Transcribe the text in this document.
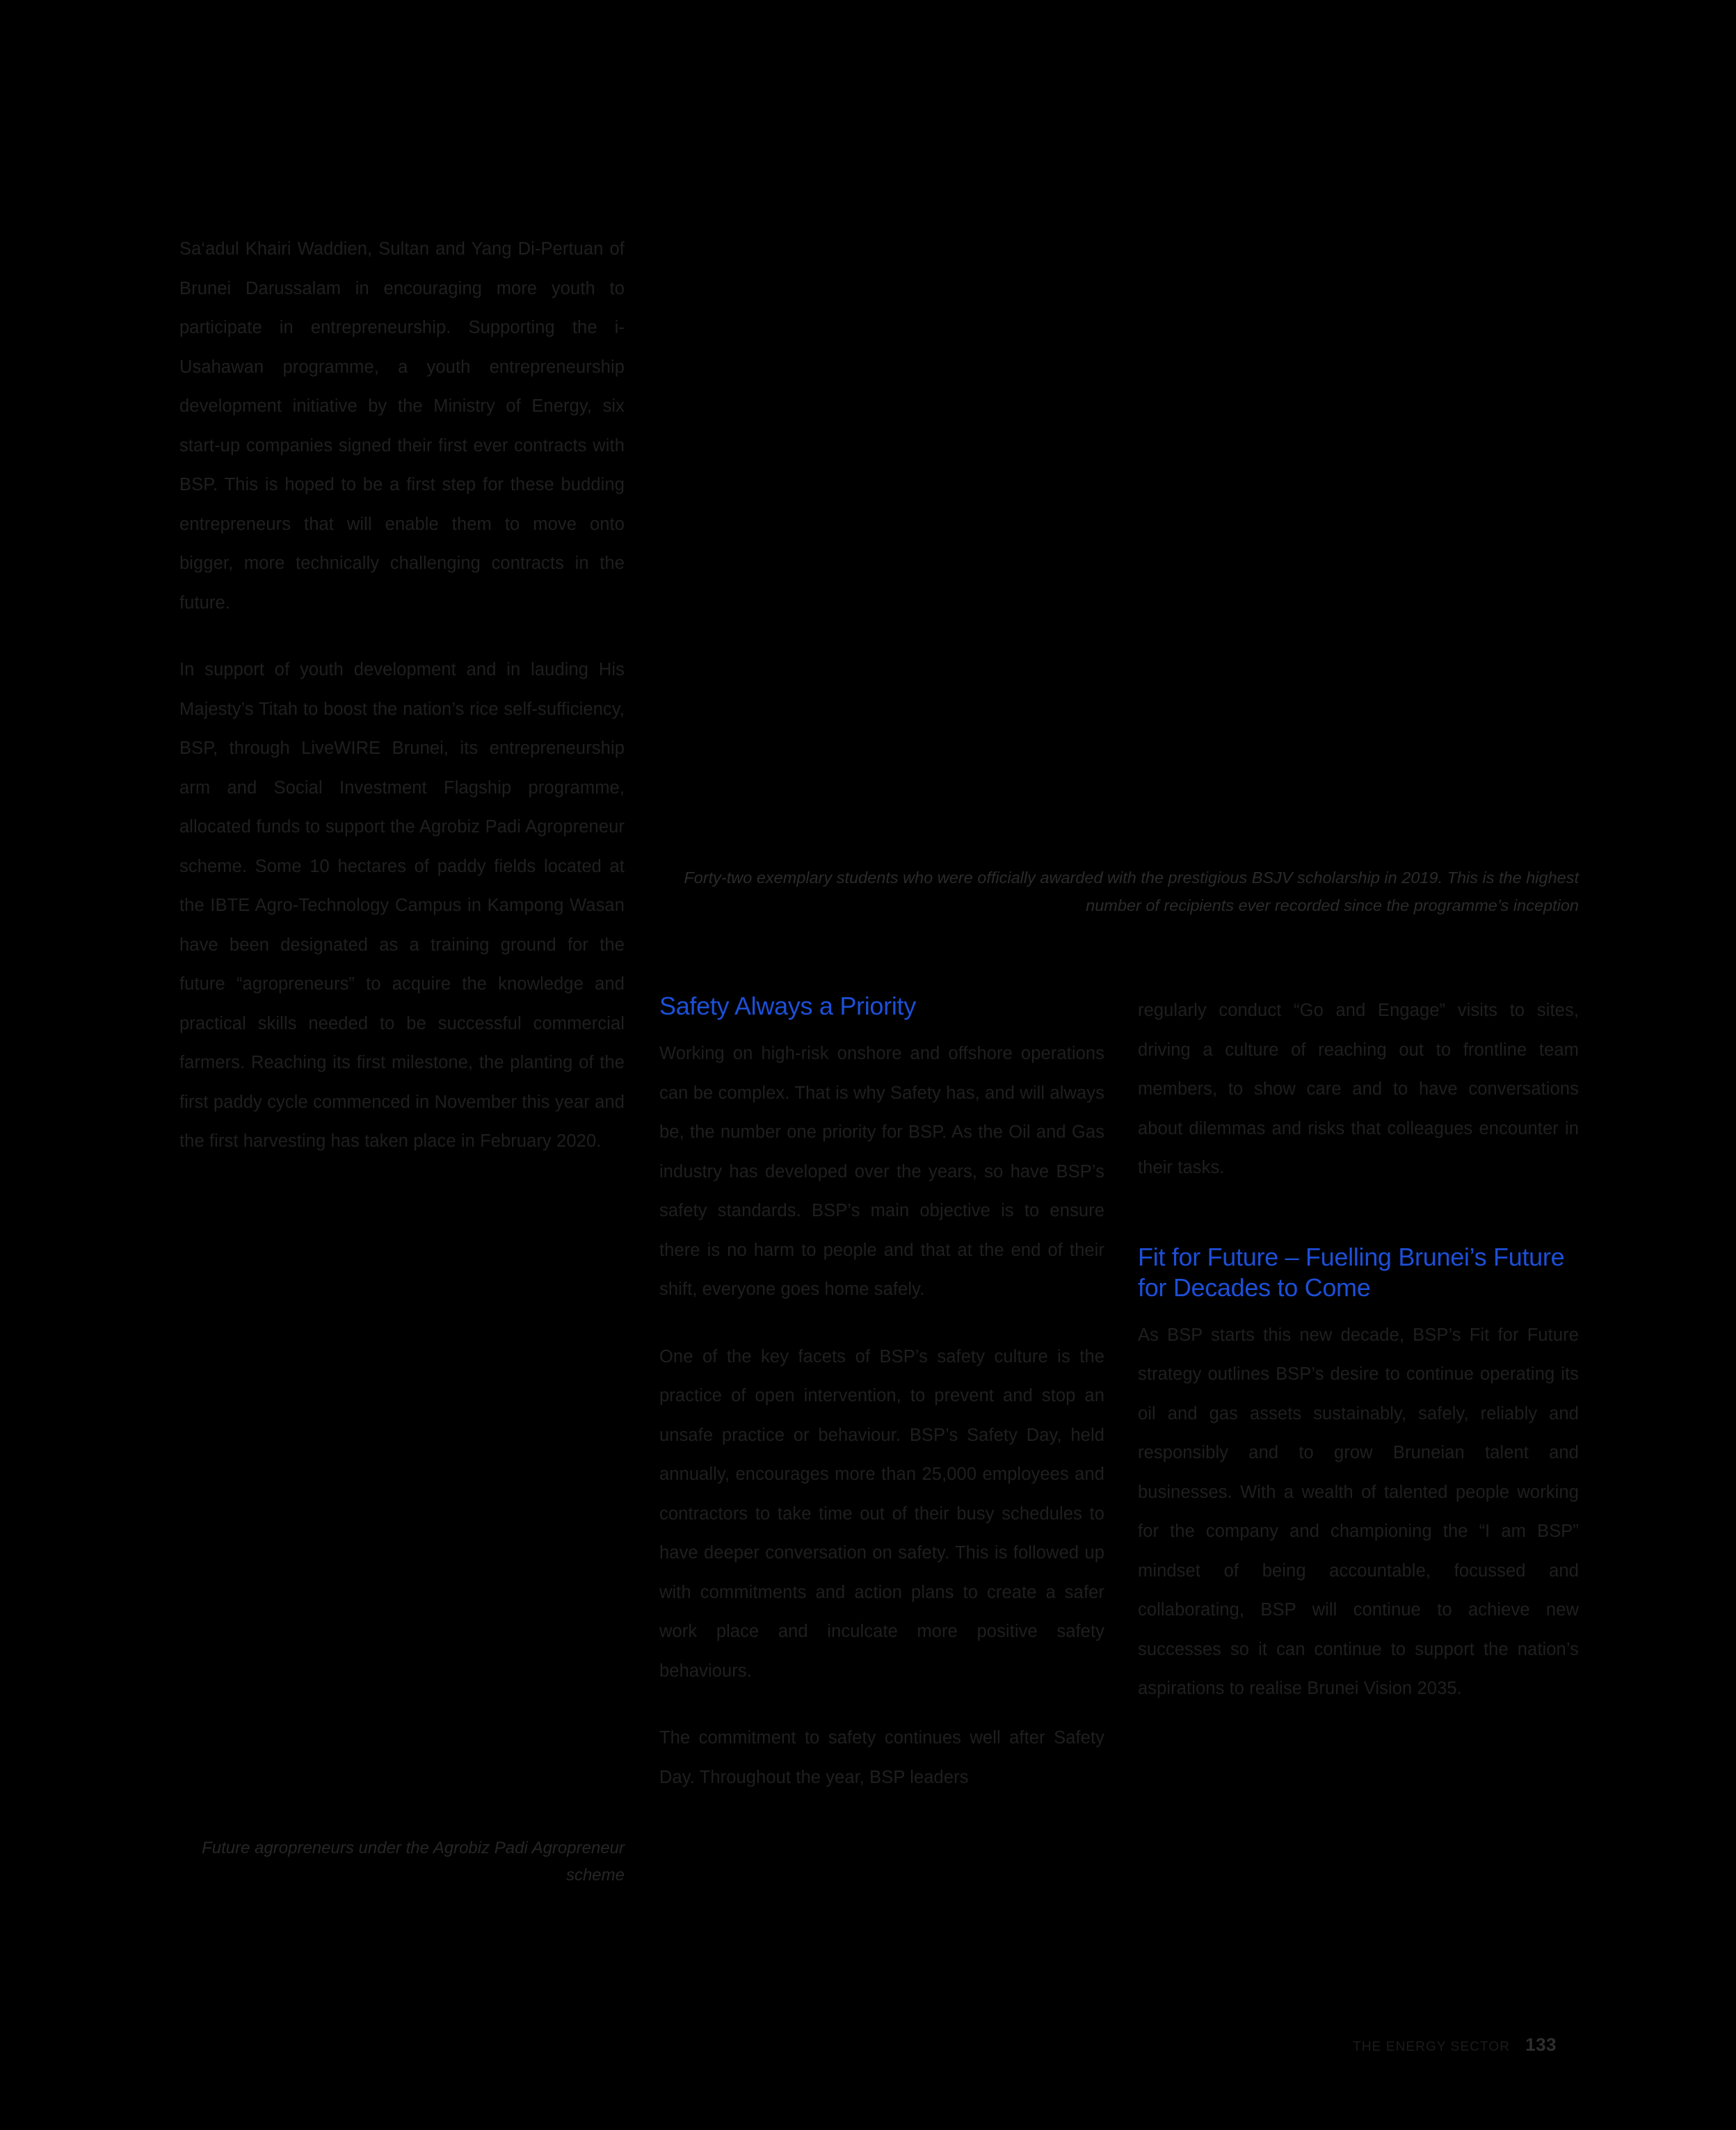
Sa‘adul Khairi Waddien, Sultan and Yang Di-Pertuan of Brunei Darussalam in encouraging more youth to participate in entrepreneurship. Supporting the i-Usahawan programme, a youth entrepreneurship development initiative by the Ministry of Energy, six start-up companies signed their first ever contracts with BSP. This is hoped to be a first step for these budding entrepreneurs that will enable them to move onto bigger, more technically challenging contracts in the future.

In support of youth development and in lauding His Majesty’s Titah to boost the nation’s rice self-sufficiency, BSP, through LiveWIRE Brunei, its entrepreneurship arm and Social Investment Flagship programme, allocated funds to support the Agrobiz Padi Agropreneur scheme. Some 10 hectares of paddy fields located at the IBTE Agro-Technology Campus in Kampong Wasan have been designated as a training ground for the future “agropreneurs” to acquire the knowledge and practical skills needed to be successful commercial farmers. Reaching its first milestone, the planting of the first paddy cycle commenced in November this year and the first harvesting has taken place in February 2020.

Future agropreneurs under the Agrobiz Padi Agropreneur scheme
Forty-two exemplary students who were officially awarded with the prestigious BSJV scholarship in 2019. This is the highest number of recipients ever recorded since the programme’s inception
Safety Always a Priority

Working on high-risk onshore and offshore operations can be complex. That is why Safety has, and will always be, the number one priority for BSP. As the Oil and Gas industry has developed over the years, so have BSP’s safety standards. BSP’s main objective is to ensure there is no harm to people and that at the end of their shift, everyone goes home safely.

One of the key facets of BSP’s safety culture is the practice of open intervention, to prevent and stop an unsafe practice or behaviour. BSP’s Safety Day, held annually, encourages more than 25,000 employees and contractors to take time out of their busy schedules to have deeper conversation on safety. This is followed up with commitments and action plans to create a safer work place and inculcate more positive safety behaviours.

The commitment to safety continues well after Safety Day. Throughout the year, BSP leaders

regularly conduct “Go and Engage” visits to sites, driving a culture of reaching out to frontline team members, to show care and to have conversations about dilemmas and risks that colleagues encounter in their tasks.

Fit for Future – Fuelling Brunei’s Future for Decades to Come

As BSP starts this new decade, BSP’s Fit for Future strategy outlines BSP’s desire to continue operating its oil and gas assets sustainably, safely, reliably and responsibly and to grow Bruneian talent and businesses. With a wealth of talented people working for the company and championing the “I am BSP” mindset of being accountable, focussed and collaborating, BSP will continue to achieve new successes so it can continue to support the nation’s aspirations to realise Brunei Vision 2035.

THE ENERGY SECTOR 133
